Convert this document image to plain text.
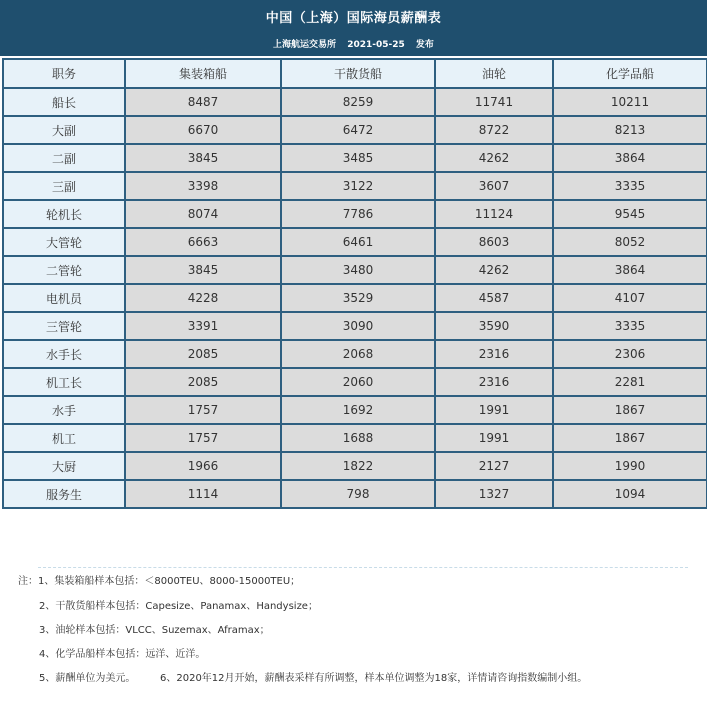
中国（上海）国际海员薪酬表
上海航运交易所 2021-05-25 发布
职务	集装箱船	干散货船	油轮	化学品船
船长	8487	8259	11741	10211
大副	6670	6472	8722	8213
二副	3845	3485	4262	3864
三副	3398	3122	3607	3335
轮机长	8074	7786	11124	9545
大管轮	6663	6461	8603	8052
二管轮	3845	3480	4262	3864
电机员	4228	3529	4587	4107
三管轮	3391	3090	3590	3335
水手长	2085	2068	2316	2306
机工长	2085	2060	2316	2281
水手	1757	1692	1991	1867
机工	1757	1688	1991	1867
大厨	1966	1822	2127	1990
服务生	1114	798	1327	1094
注：1、集装箱船样本包括：＜8000TEU、8000-15000TEU；
2、干散货船样本包括：Capesize、Panamax、Handysize；
3、油轮样本包括：VLCC、Suzemax、Aframax；
4、化学品船样本包括：远洋、近洋。
5、薪酬单位为美元。 6、2020年12月开始，薪酬表采样有所调整，样本单位调整为18家，详情请咨询指数编制小组。
